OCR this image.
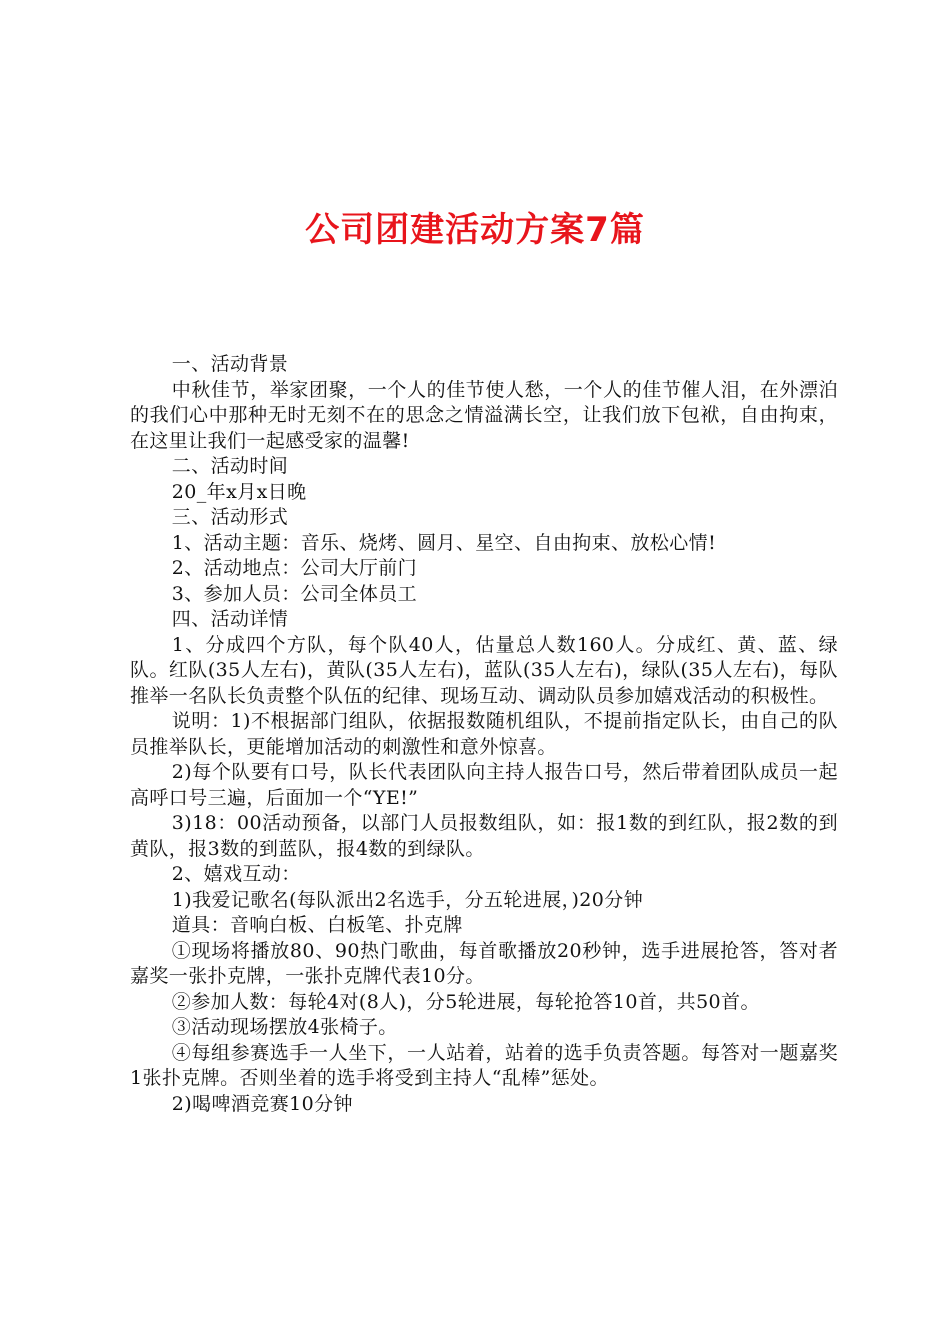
公司团建活动方案7篇

一、活动背景

中秋佳节，举家团聚，一个人的佳节使人愁，一个人的佳节催人泪，在外漂泊的我们心中那种无时无刻不在的思念之情溢满长空，让我们放下包袱，自由拘束，在这里让我们一起感受家的温馨!

二、活动时间

20_年x月x日晚

三、活动形式

1、活动主题：音乐、烧烤、圆月、星空、自由拘束、放松心情!

2、活动地点：公司大厅前门

3、参加人员：公司全体员工

四、活动详情

1、分成四个方队，每个队40人，估量总人数160人。分成红、黄、蓝、绿队。红队(35人左右)，黄队(35人左右)，蓝队(35人左右)，绿队(35人左右)，每队推举一名队长负责整个队伍的纪律、现场互动、调动队员参加嬉戏活动的积极性。

说明：1)不根据部门组队，依据报数随机组队，不提前指定队长，由自己的队员推举队长，更能增加活动的刺激性和意外惊喜。

2)每个队要有口号，队长代表团队向主持人报告口号，然后带着团队成员一起高呼口号三遍，后面加一个“YE!”

3)18：00活动预备，以部门人员报数组队，如：报1数的到红队，报2数的到黄队，报3数的到蓝队，报4数的到绿队。

2、嬉戏互动：

1)我爱记歌名(每队派出2名选手，分五轮进展，)20分钟

道具：音响白板、白板笔、扑克牌

①现场将播放80、90热门歌曲，每首歌播放20秒钟，选手进展抢答，答对者嘉奖一张扑克牌，一张扑克牌代表10分。

②参加人数：每轮4对(8人)，分5轮进展，每轮抢答10首，共50首。

③活动现场摆放4张椅子。

④每组参赛选手一人坐下，一人站着，站着的选手负责答题。每答对一题嘉奖1张扑克牌。否则坐着的选手将受到主持人“乱棒”惩处。

2)喝啤酒竞赛10分钟
